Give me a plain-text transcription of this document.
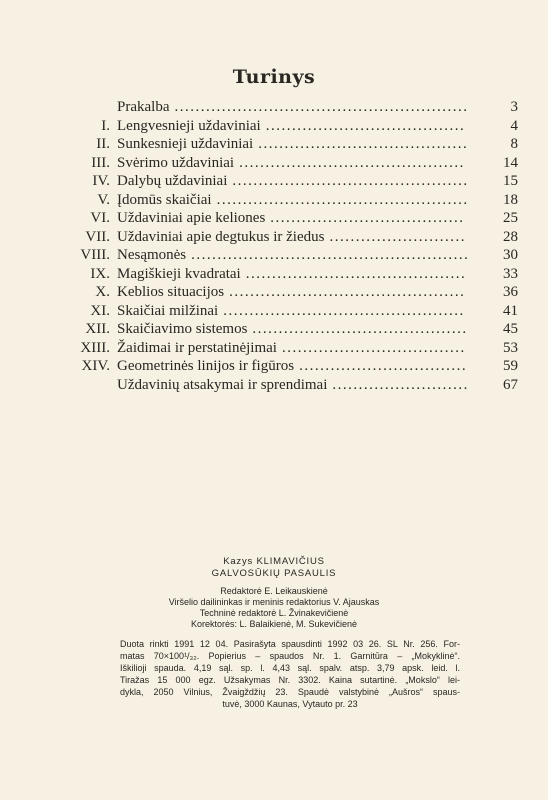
Turinys
Prakalba ........................................................	3
I. Lengvesnieji uždaviniai ......................................	4
II. Sunkesnieji uždaviniai ........................................	8
III. Svėrimo uždaviniai ...........................................	14
IV. Dalybų uždaviniai .............................................	15
V. Įdomūs skaičiai ................................................	18
VI. Uždaviniai apie keliones .....................................	25
VII. Uždaviniai apie degtukus ir žiedus ..........................	28
VIII. Nesąmonės .....................................................	30
IX. Magiškieji kvadratai ..........................................	33
X. Keblios situacijos .............................................	36
XI. Skaičiai milžinai ..............................................	41
XII. Skaičiavimo sistemos .........................................	45
XIII. Žaidimai ir perstatinėjimai ...................................	53
XIV. Geometrinės linijos ir figūros ................................	59
Uždavinių atsakymai ir sprendimai ..........................	67
Kazys KLIMAVIČIUS
GALVOSŪKIŲ PASAULIS
Redaktorė E. Leikauskienė
Viršelio dailininkas ir meninis redaktorius V. Ajauskas
Techninė redaktorė L. Žvinakevičienė
Korektorės: L. Balaikienė, M. Sukevičienė
Duota rinkti 1991 12 04. Pasirašyta spausdinti 1992 03 26. SL Nr. 256. For-
matas 70×100¹/₃₂. Popierius – spaudos Nr. 1. Garnitūra – „Mokyklinė“.
Iškilioji spauda. 4,19 sąl. sp. l. 4,43 sąl. spalv. atsp. 3,79 apsk. leid. l.
Tiražas 15 000 egz. Užsakymas Nr. 3302. Kaina sutartinė. „Mokslo“ lei-
dykla, 2050 Vilnius, Žvaigždžių 23. Spaudė valstybinė „Aušros“ spaus-
tuvė, 3000 Kaunas, Vytauto pr. 23
